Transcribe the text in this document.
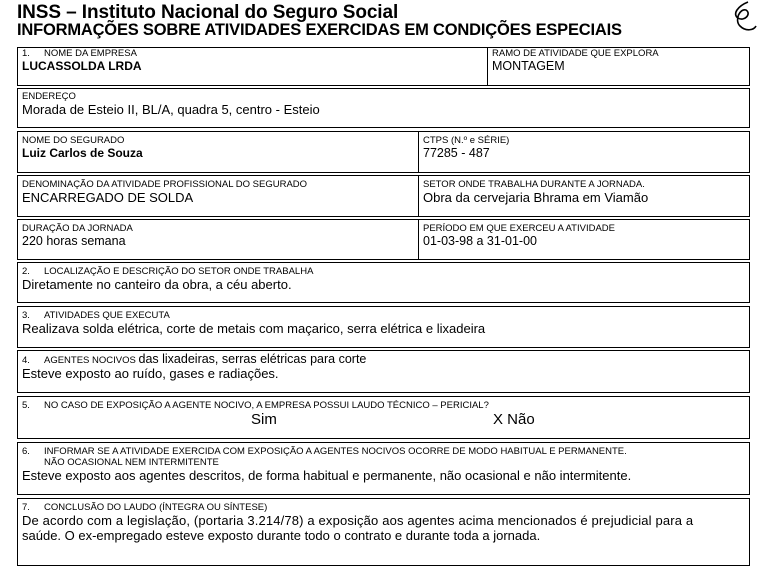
INSS – Instituto Nacional do Seguro Social
INFORMAÇÕES SOBRE ATIVIDADES EXERCIDAS EM CONDIÇÕES ESPECIAIS
1. NOME DA EMPRESA
LUCASSOLDA LRDA
RAMO DE ATIVIDADE QUE EXPLORA
MONTAGEM
ENDEREÇO
Morada de Esteio II, BL/A, quadra 5, centro - Esteio
NOME DO SEGURADO
Luiz Carlos de Souza
CTPS (N.º e SÉRIE)
77285 - 487
DENOMINAÇÃO DA ATIVIDADE PROFISSIONAL DO SEGURADO
ENCARREGADO DE SOLDA
SETOR ONDE TRABALHA DURANTE A JORNADA.
Obra da cervejaria Bhrama em Viamão
DURAÇÃO DA JORNADA
220 horas semana
PERÍODO EM QUE EXERCEU A ATIVIDADE
01-03-98 a 31-01-00
2. LOCALIZAÇÃO E DESCRIÇÃO DO SETOR ONDE TRABALHA
Diretamente no canteiro da obra, a céu aberto.
3. ATIVIDADES QUE EXECUTA
Realizava solda elétrica, corte de metais com maçarico, serra elétrica e lixadeira
4. AGENTES NOCIVOS das lixadeiras, serras elétricas para corte
Esteve exposto ao ruído, gases e radiações.
5. NO CASO DE EXPOSIÇÃO A AGENTE NOCIVO, A EMPRESA POSSUI LAUDO TÉCNICO – PERICIAL?
Sim	X Não
6. INFORMAR SE A ATIVIDADE EXERCIDA COM EXPOSIÇÃO A AGENTES NOCIVOS OCORRE DE MODO HABITUAL E PERMANENTE.
NÃO OCASIONAL NEM INTERMITENTE
Esteve exposto aos agentes descritos, de forma habitual e permanente, não ocasional e não intermitente.
7. CONCLUSÃO DO LAUDO (ÍNTEGRA OU SÍNTESE)
De acordo com a legislação, (portaria 3.214/78) a exposição aos agentes acima mencionados é prejudicial para a
saúde. O ex-empregado esteve exposto durante todo o contrato e durante toda a jornada.
